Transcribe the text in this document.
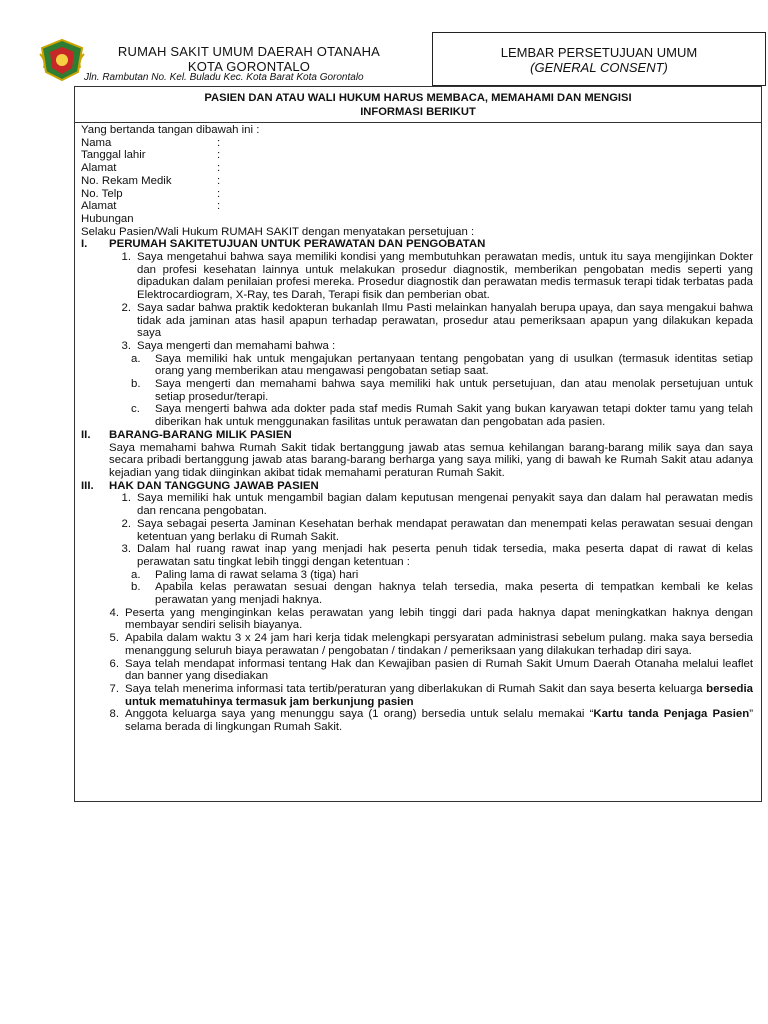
RUMAH SAKIT UMUM DAERAH OTANAHA
KOTA GORONTALO
Jln. Rambutan No. Kel. Buladu Kec. Kota Barat Kota Gorontalo
LEMBAR PERSETUJUAN UMUM
(GENERAL CONSENT)
PASIEN DAN ATAU WALI HUKUM HARUS MEMBACA, MEMAHAMI DAN MENGISI
INFORMASI BERIKUT
Yang bertanda tangan dibawah ini :
Nama	:
Tanggal lahir	:
Alamat	:
No. Rekam Medik	:
No. Telp	:
Alamat	:
Hubungan
Selaku Pasien/Wali Hukum RUMAH SAKIT dengan menyatakan persetujuan :
I.	PERUMAH SAKITETUJUAN UNTUK PERAWATAN DAN PENGOBATAN
1. Saya mengetahui bahwa saya memiliki kondisi yang membutuhkan perawatan medis, untuk itu saya mengijinkan Dokter dan profesi kesehatan lainnya untuk melakukan prosedur diagnostik, memberikan pengobatan medis seperti yang dipadukan dalam penilaian profesi mereka. Prosedur diagnostik dan perawatan medis termasuk terapi tidak terbatas pada Elektrocardiogram, X-Ray, tes Darah, Terapi fisik dan pemberian obat.
2. Saya sadar bahwa praktik kedokteran bukanlah Ilmu Pasti melainkan hanyalah berupa upaya, dan saya mengakui bahwa tidak ada jaminan atas hasil apapun terhadap perawatan, prosedur atau pemeriksaan apapun yang dilakukan kepada saya
3. Saya mengerti dan memahami bahwa :
a.	Saya memiliki hak untuk mengajukan pertanyaan tentang pengobatan yang di usulkan (termasuk identitas setiap orang yang memberikan atau mengawasi pengobatan setiap saat.
b.	Saya mengerti dan memahami bahwa saya memiliki hak untuk persetujuan, dan atau menolak persetujuan untuk setiap prosedur/terapi.
c.	Saya mengerti bahwa ada dokter pada staf medis Rumah Sakit yang bukan karyawan tetapi dokter tamu yang telah diberikan hak untuk menggunakan fasilitas untuk perawatan dan pengobatan ada pasien.
II.	BARANG-BARANG MILIK PASIEN
Saya memahami bahwa Rumah Sakit tidak bertanggung jawab atas semua kehilangan barang-barang milik saya dan saya secara pribadi bertanggung jawab atas barang-barang berharga yang saya miliki, yang di bawah ke Rumah Sakit atau adanya kejadian yang tidak diinginkan akibat tidak memahami peraturan Rumah Sakit.
III.	HAK DAN TANGGUNG JAWAB PASIEN
1. Saya memiliki hak untuk mengambil bagian dalam keputusan mengenai penyakit saya dan dalam hal perawatan medis dan rencana pengobatan.
2. Saya sebagai peserta Jaminan Kesehatan berhak mendapat perawatan dan menempati kelas perawatan sesuai dengan ketentuan yang berlaku di Rumah Sakit.
3. Dalam hal ruang rawat inap yang menjadi hak peserta penuh tidak tersedia, maka peserta dapat di rawat di kelas perawatan satu tingkat lebih tinggi dengan ketentuan :
a.	Paling lama di rawat selama 3 (tiga) hari
b.	Apabila kelas perawatan sesuai dengan haknya telah tersedia, maka peserta di tempatkan kembali ke kelas perawatan yang menjadi haknya.
4. Peserta yang menginginkan kelas perawatan yang lebih tinggi dari pada haknya dapat meningkatkan haknya dengan membayar sendiri selisih biayanya.
5. Apabila dalam waktu 3 x 24 jam hari kerja tidak melengkapi persyaratan administrasi sebelum pulang. maka saya bersedia menanggung seluruh biaya perawatan / pengobatan / tindakan / pemeriksaan yang dilakukan terhadap diri saya.
6. Saya telah mendapat informasi tentang Hak dan Kewajiban pasien di Rumah Sakit Umum Daerah Otanaha melalui leaflet dan banner yang disediakan
7. Saya telah menerima informasi tata tertib/peraturan yang diberlakukan di Rumah Sakit dan saya beserta keluarga bersedia untuk mematuhinya termasuk jam berkunjung pasien
8. Anggota keluarga saya yang menunggu saya (1 orang) bersedia untuk selalu memakai “Kartu tanda Penjaga Pasien” selama berada di lingkungan Rumah Sakit.
